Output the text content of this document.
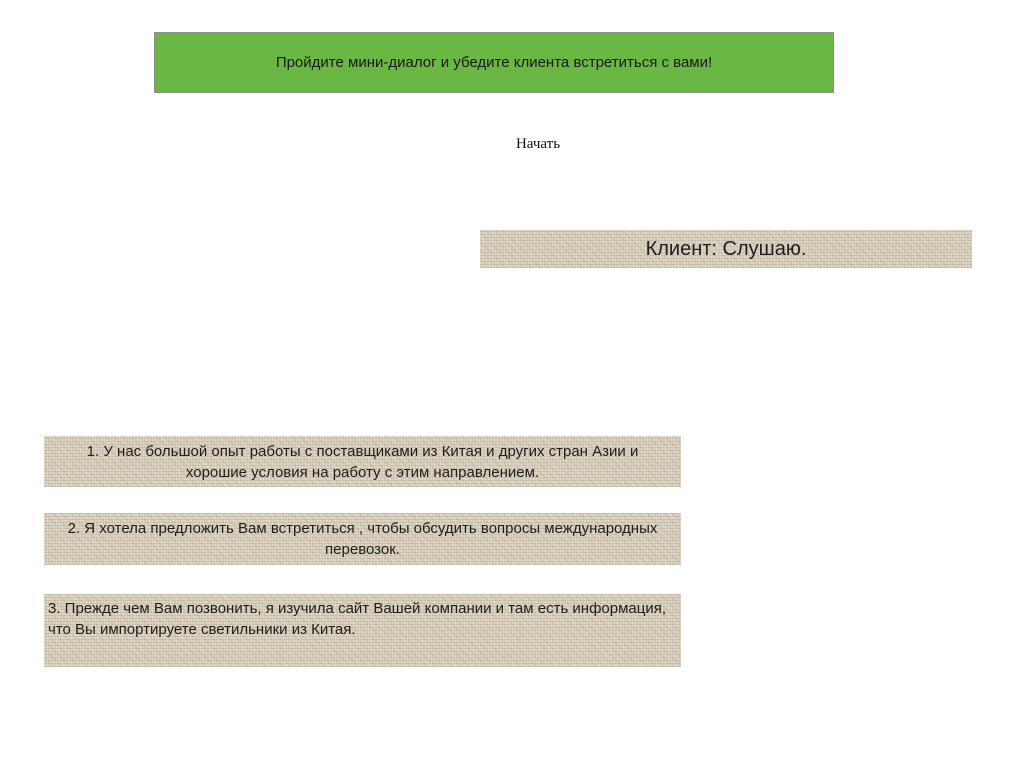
Пройдите мини-диалог и убедите клиента встретиться с вами!
Начать
Клиент: Слушаю.
1. У нас большой опыт работы с поставщиками из Китая и других стран Азии и хорошие условия на работу с этим направлением.
2. Я хотела предложить Вам встретиться , чтобы обсудить вопросы международных перевозок.
3. Прежде чем Вам позвонить, я изучила сайт Вашей компании и там есть информация, что Вы импортируете светильники из Китая.
